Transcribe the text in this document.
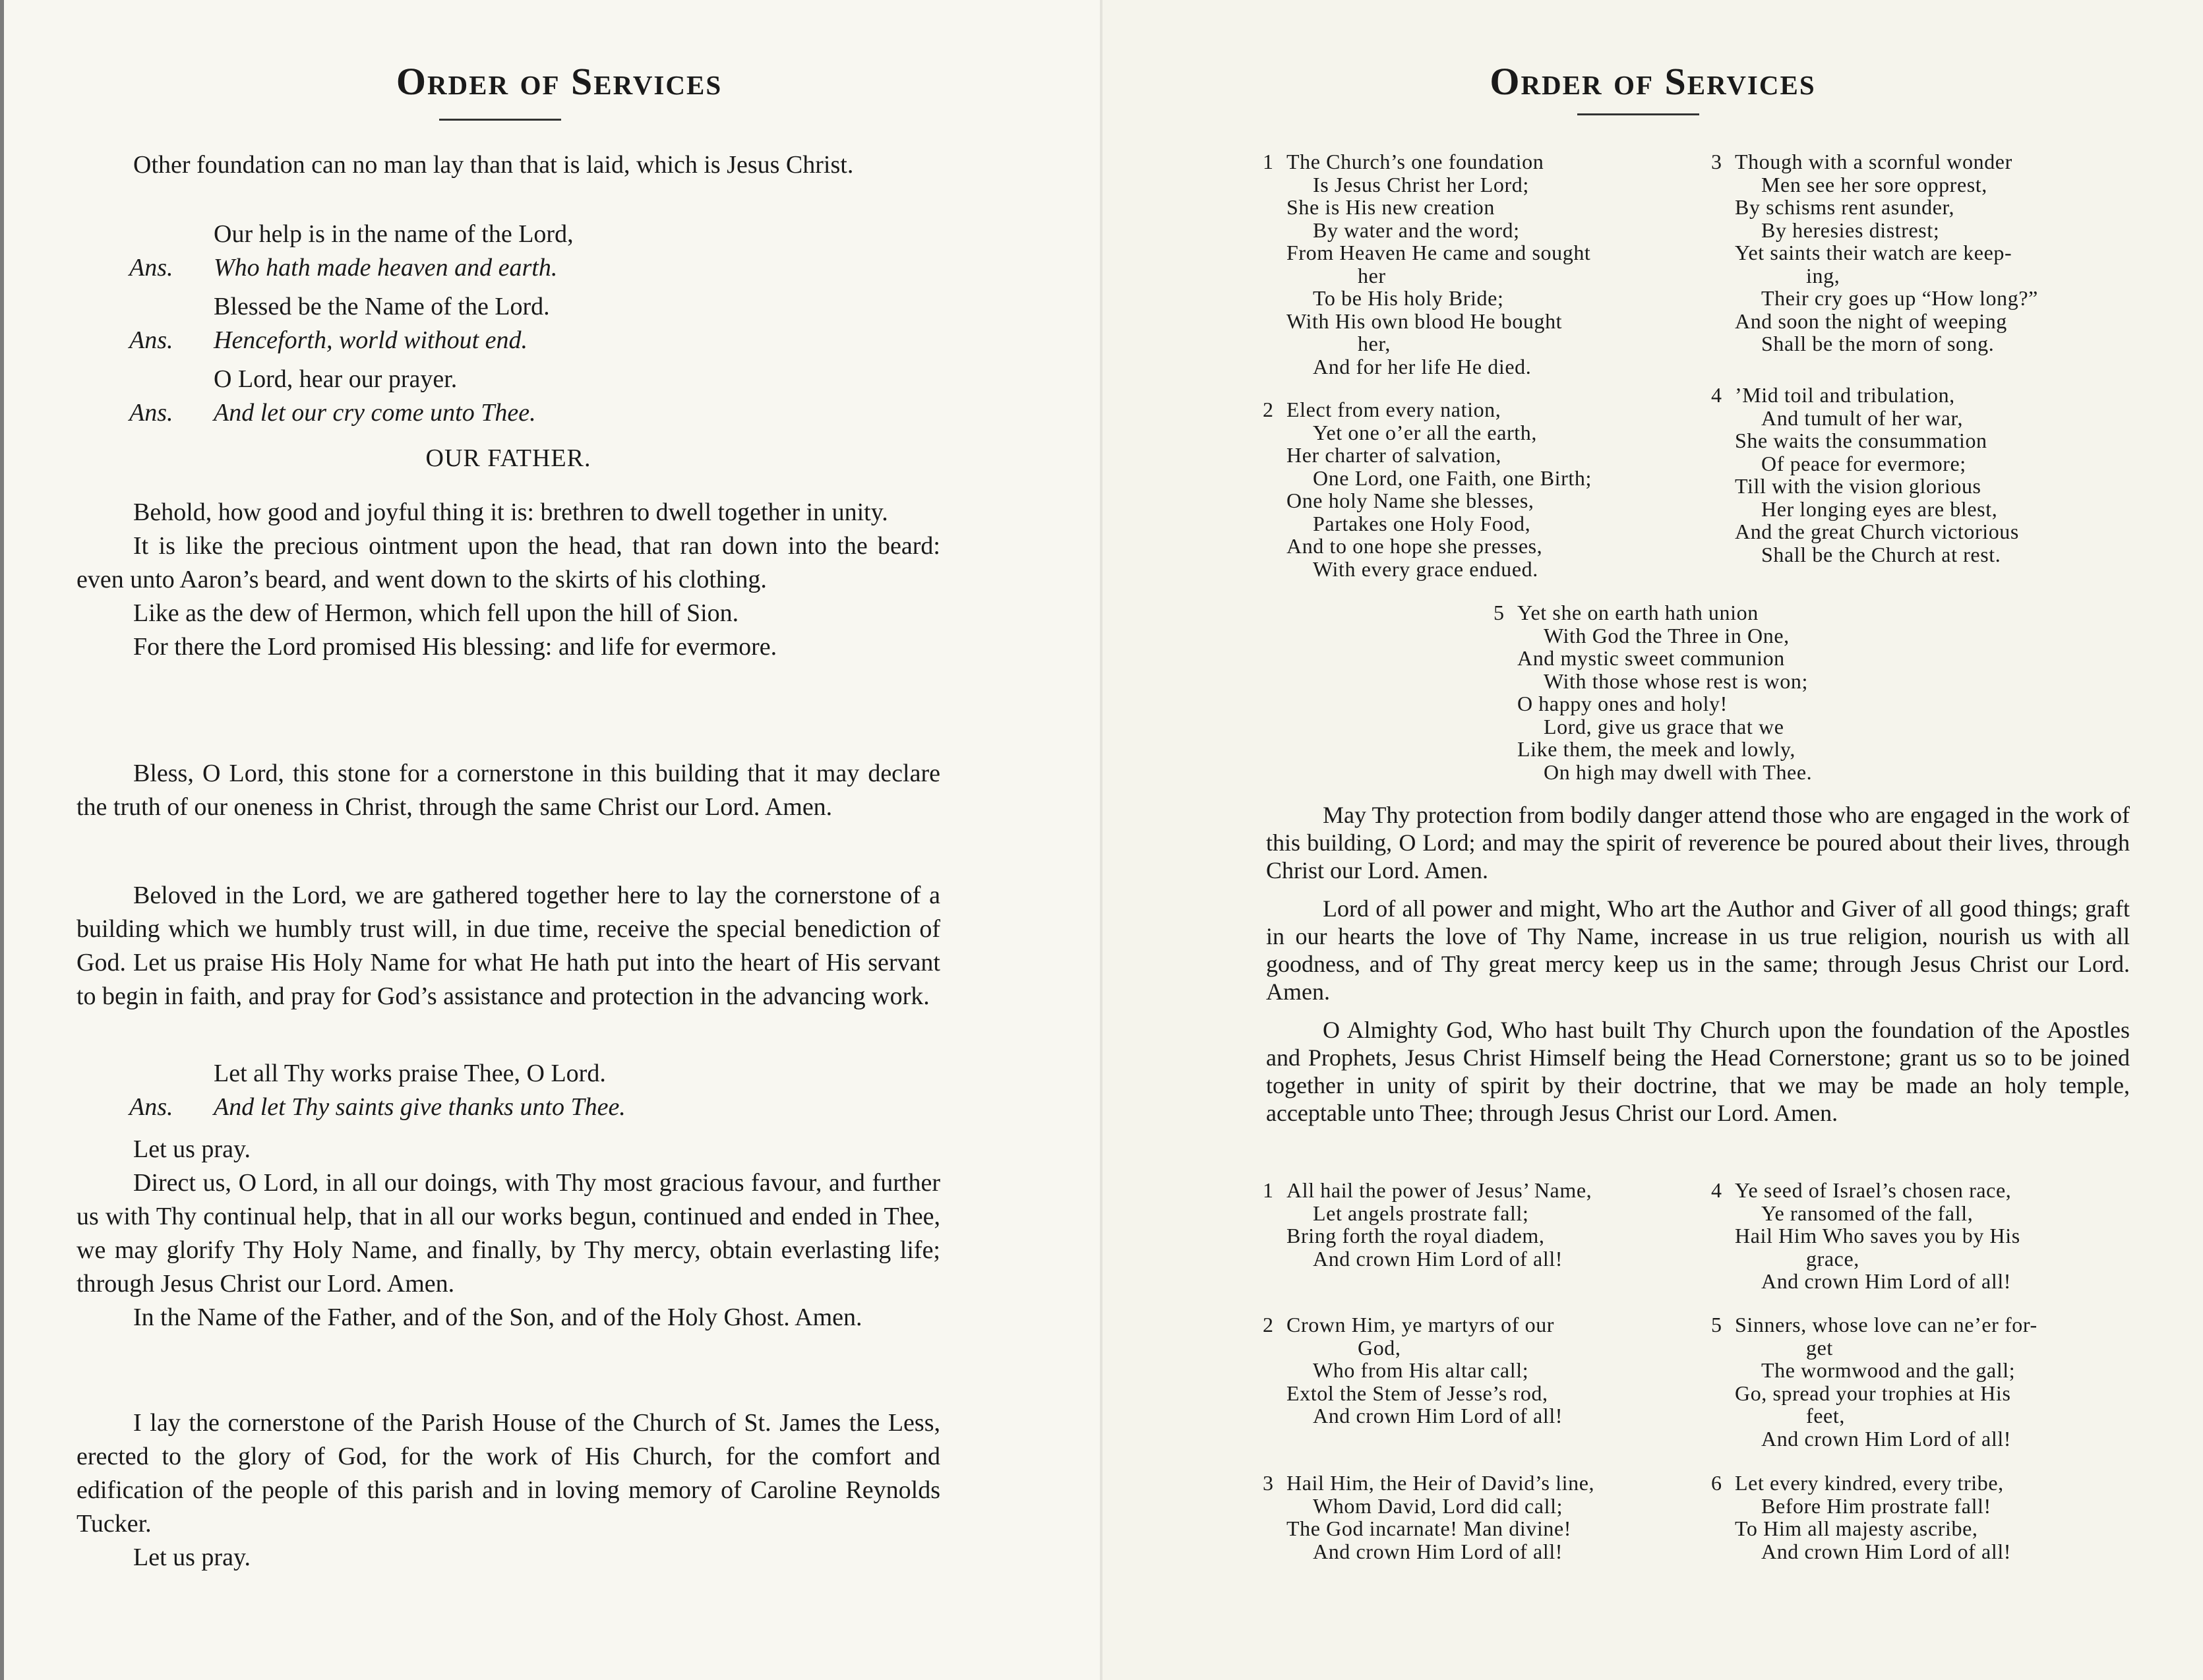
Order of Services

Other foundation can no man lay than that is laid, which is Jesus Christ.

Our help is in the name of the Lord,

Ans.	Who hath made heaven and earth.

Blessed be the Name of the Lord.

Ans.	Henceforth, world without end.

O Lord, hear our prayer.

Ans.	And let our cry come unto Thee.

OUR FATHER.

Behold, how good and joyful thing it is: brethren to dwell together in unity.

It is like the precious ointment upon the head, that ran down into the beard: even unto Aaron’s beard, and went down to the skirts of his clothing.

Like as the dew of Hermon, which fell upon the hill of Sion.

For there the Lord promised His blessing: and life for evermore.

Bless, O Lord, this stone for a cornerstone in this building that it may declare the truth of our oneness in Christ, through the same Christ our Lord. Amen.

Beloved in the Lord, we are gathered together here to lay the cornerstone of a building which we humbly trust will, in due time, receive the special benediction of God. Let us praise His Holy Name for what He hath put into the heart of His servant to begin in faith, and pray for God’s assistance and protection in the advancing work.

Let all Thy works praise Thee, O Lord.

Ans.	And let Thy saints give thanks unto Thee.

Let us pray.

Direct us, O Lord, in all our doings, with Thy most gracious favour, and further us with Thy continual help, that in all our works begun, continued and ended in Thee, we may glorify Thy Holy Name, and finally, by Thy mercy, obtain everlasting life; through Jesus Christ our Lord. Amen.

In the Name of the Father, and of the Son, and of the Holy Ghost. Amen.

I lay the cornerstone of the Parish House of the Church of St. James the Less, erected to the glory of God, for the work of His Church, for the comfort and edification of the people of this parish and in loving memory of Caroline Reynolds Tucker.

Let us pray.

Order of Services
1 The Church’s one foundation
Is Jesus Christ her Lord;
She is His new creation
By water and the word;
From Heaven He came and sought
her
To be His holy Bride;
With His own blood He bought
her,
And for her life He died.
2 Elect from every nation,
Yet one o’er all the earth,
Her charter of salvation,
One Lord, one Faith, one Birth;
One holy Name she blesses,
Partakes one Holy Food,
And to one hope she presses,
With every grace endued.
3 Though with a scornful wonder
Men see her sore opprest,
By schisms rent asunder,
By heresies distrest;
Yet saints their watch are keep-
ing,
Their cry goes up “How long?”
And soon the night of weeping
Shall be the morn of song.
4 ’Mid toil and tribulation,
And tumult of her war,
She waits the consummation
Of peace for evermore;
Till with the vision glorious
Her longing eyes are blest,
And the great Church victorious
Shall be the Church at rest.
5 Yet she on earth hath union
With God the Three in One,
And mystic sweet communion
With those whose rest is won;
O happy ones and holy!
Lord, give us grace that we
Like them, the meek and lowly,
On high may dwell with Thee.

May Thy protection from bodily danger attend those who are engaged in the work of this building, O Lord; and may the spirit of reverence be poured about their lives, through Christ our Lord. Amen.

Lord of all power and might, Who art the Author and Giver of all good things; graft in our hearts the love of Thy Name, increase in us true religion, nourish us with all goodness, and of Thy great mercy keep us in the same; through Jesus Christ our Lord. Amen.

O Almighty God, Who hast built Thy Church upon the foundation of the Apostles and Prophets, Jesus Christ Himself being the Head Cornerstone; grant us so to be joined together in unity of spirit by their doctrine, that we may be made an holy temple, acceptable unto Thee; through Jesus Christ our Lord. Amen.

1 All hail the power of Jesus’ Name,
Let angels prostrate fall;
Bring forth the royal diadem,
And crown Him Lord of all!
2 Crown Him, ye martyrs of our
God,
Who from His altar call;
Extol the Stem of Jesse’s rod,
And crown Him Lord of all!
3 Hail Him, the Heir of David’s line,
Whom David, Lord did call;
The God incarnate! Man divine!
And crown Him Lord of all!
4 Ye seed of Israel’s chosen race,
Ye ransomed of the fall,
Hail Him Who saves you by His
grace,
And crown Him Lord of all!
5 Sinners, whose love can ne’er for-
get
The wormwood and the gall;
Go, spread your trophies at His
feet,
And crown Him Lord of all!
6 Let every kindred, every tribe,
Before Him prostrate fall!
To Him all majesty ascribe,
And crown Him Lord of all!
